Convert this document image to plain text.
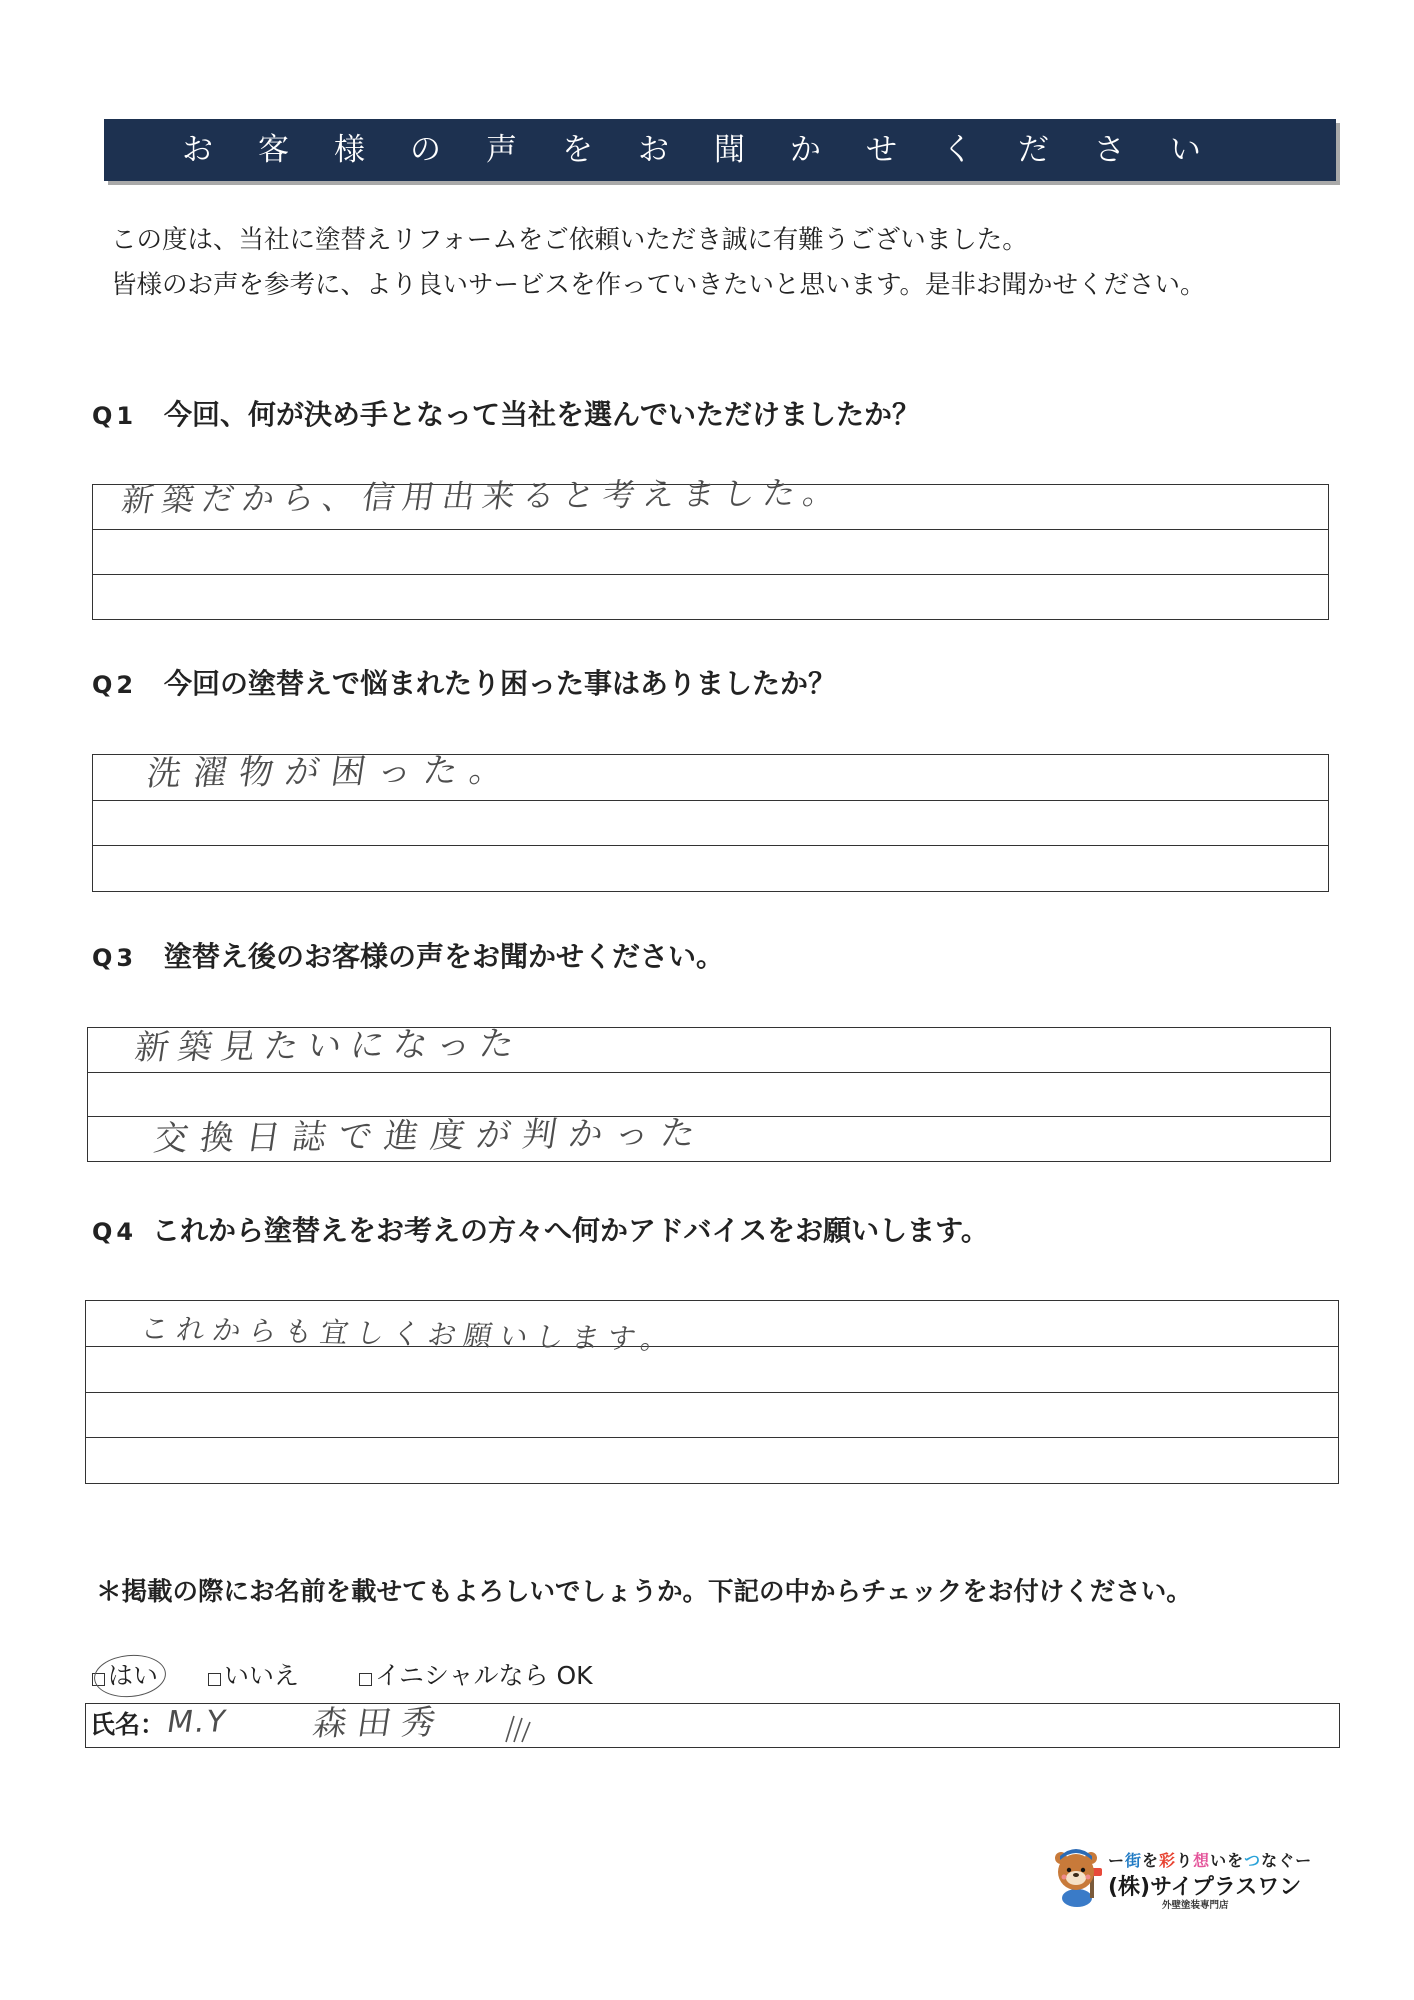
お客様の声をお聞かせください
この度は、当社に塗替えリフォームをご依頼いただき誠に有難うございました。
皆様のお声を参考に、より良いサービスを作っていきたいと思います。是非お聞かせください。
Q1 今回、何が決め手となって当社を選んでいただけましたか？
新築だから、信用出来ると考えました。
Q2 今回の塗替えで悩まれたり困った事はありましたか？
洗濯物が困った。
Q3 塗替え後のお客様の声をお聞かせください。
新築見たいになった
交換日誌で進度が判かった
Q4 これから塗替えをお考えの方々へ何かアドバイスをお願いします。
これからも宜しくお願いします。
＊掲載の際にお名前を載せてもよろしいでしょうか。下記の中からチェックをお付けください。
はい	いいえ	イニシャルなら OK
氏名： M.Y 森田秀
ー街を彩り想いをつなぐー
(株)サイプラスワン
外壁塗装専門店
